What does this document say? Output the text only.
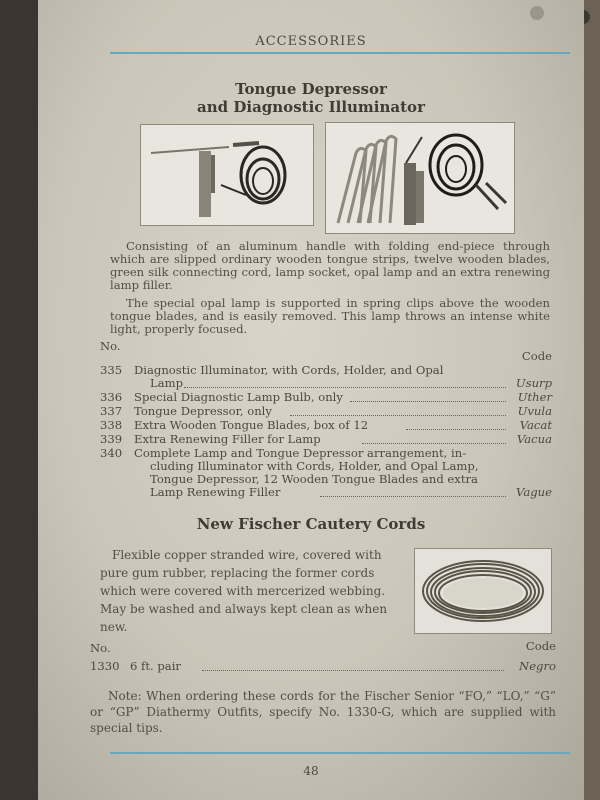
ACCESSORIES
Tongue Depressor
and Diagnostic Illuminator

Consisting of an aluminum handle with folding end-piece through which are slipped ordinary wooden tongue strips, twelve wooden blades, green silk connecting cord, lamp socket, opal lamp and an extra renewing lamp filler.

The special opal lamp is supported in spring clips above the wooden tongue blades, and is easily removed. This lamp throws an intense white light, properly focused.

No.
Code
335 Diagnostic Illuminator, with Cords, Holder, and Opal
Lamp	Usurp
336 Special Diagnostic Lamp Bulb, only	Uther
337 Tongue Depressor, only	Uvula
338 Extra Wooden Tongue Blades, box of 12	Vacat
339 Extra Renewing Filler for Lamp	Vacua
340 Complete Lamp and Tongue Depressor arrangement, in-
cluding Illuminator with Cords, Holder, and Opal Lamp,
Tongue Depressor, 12 Wooden Tongue Blades and extra
Lamp Renewing Filler	Vague
New Fischer Cautery Cords
Flexible copper stranded wire, covered with
pure gum rubber, replacing the former cords
which were covered with mercerized webbing.
May be washed and always kept clean as when
new.
No.	Code
1330 6 ft. pair	Negro

Note: When ordering these cords for the Fischer Senior “FO,” “LO,” “G” or “GP” Diathermy Outfits, specify No. 1330-G, which are supplied with special tips.

48
